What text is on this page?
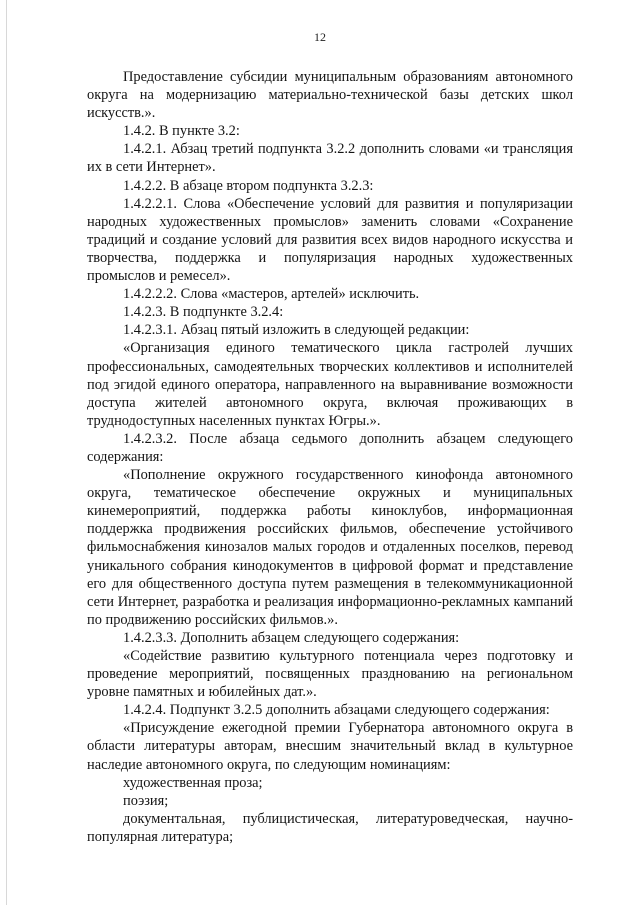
12

Предоставление субсидии муниципальным образованиям автономного округа на модернизацию материально-технической базы детских школ искусств.».

1.4.2. В пункте 3.2:

1.4.2.1. Абзац третий подпункта 3.2.2 дополнить словами «и трансляция их в сети Интернет».

1.4.2.2. В абзаце втором подпункта 3.2.3:

1.4.2.2.1. Слова «Обеспечение условий для развития и популяризации народных художественных промыслов» заменить словами «Сохранение традиций и создание условий для развития всех видов народного искусства и творчества, поддержка и популяризация народных художественных промыслов и ремесел».

1.4.2.2.2. Слова «мастеров, артелей» исключить.

1.4.2.3. В подпункте 3.2.4:

1.4.2.3.1. Абзац пятый изложить в следующей редакции:

«Организация единого тематического цикла гастролей лучших профессиональных, самодеятельных творческих коллективов и исполнителей под эгидой единого оператора, направленного на выравнивание возможности доступа жителей автономного округа, включая проживающих в труднодоступных населенных пунктах Югры.».

1.4.2.3.2. После абзаца седьмого дополнить абзацем следующего содержания:

«Пополнение окружного государственного кинофонда автономного округа, тематическое обеспечение окружных и муниципальных кинемероприятий, поддержка работы киноклубов, информационная поддержка продвижения российских фильмов, обеспечение устойчивого фильмоснабжения кинозалов малых городов и отдаленных поселков, перевод уникального собрания кинодокументов в цифровой формат и представление его для общественного доступа путем размещения в телекоммуникационной сети Интернет, разработка и реализация информационно-рекламных кампаний по продвижению российских фильмов.».

1.4.2.3.3. Дополнить абзацем следующего содержания:

«Содействие развитию культурного потенциала через подготовку и проведение мероприятий, посвященных празднованию на региональном уровне памятных и юбилейных дат.».

1.4.2.4. Подпункт 3.2.5 дополнить абзацами следующего содержания:

«Присуждение ежегодной премии Губернатора автономного округа в области литературы авторам, внесшим значительный вклад в культурное наследие автономного округа, по следующим номинациям:

художественная проза;

поэзия;

документальная, публицистическая, литературоведческая, научно-популярная литература;
